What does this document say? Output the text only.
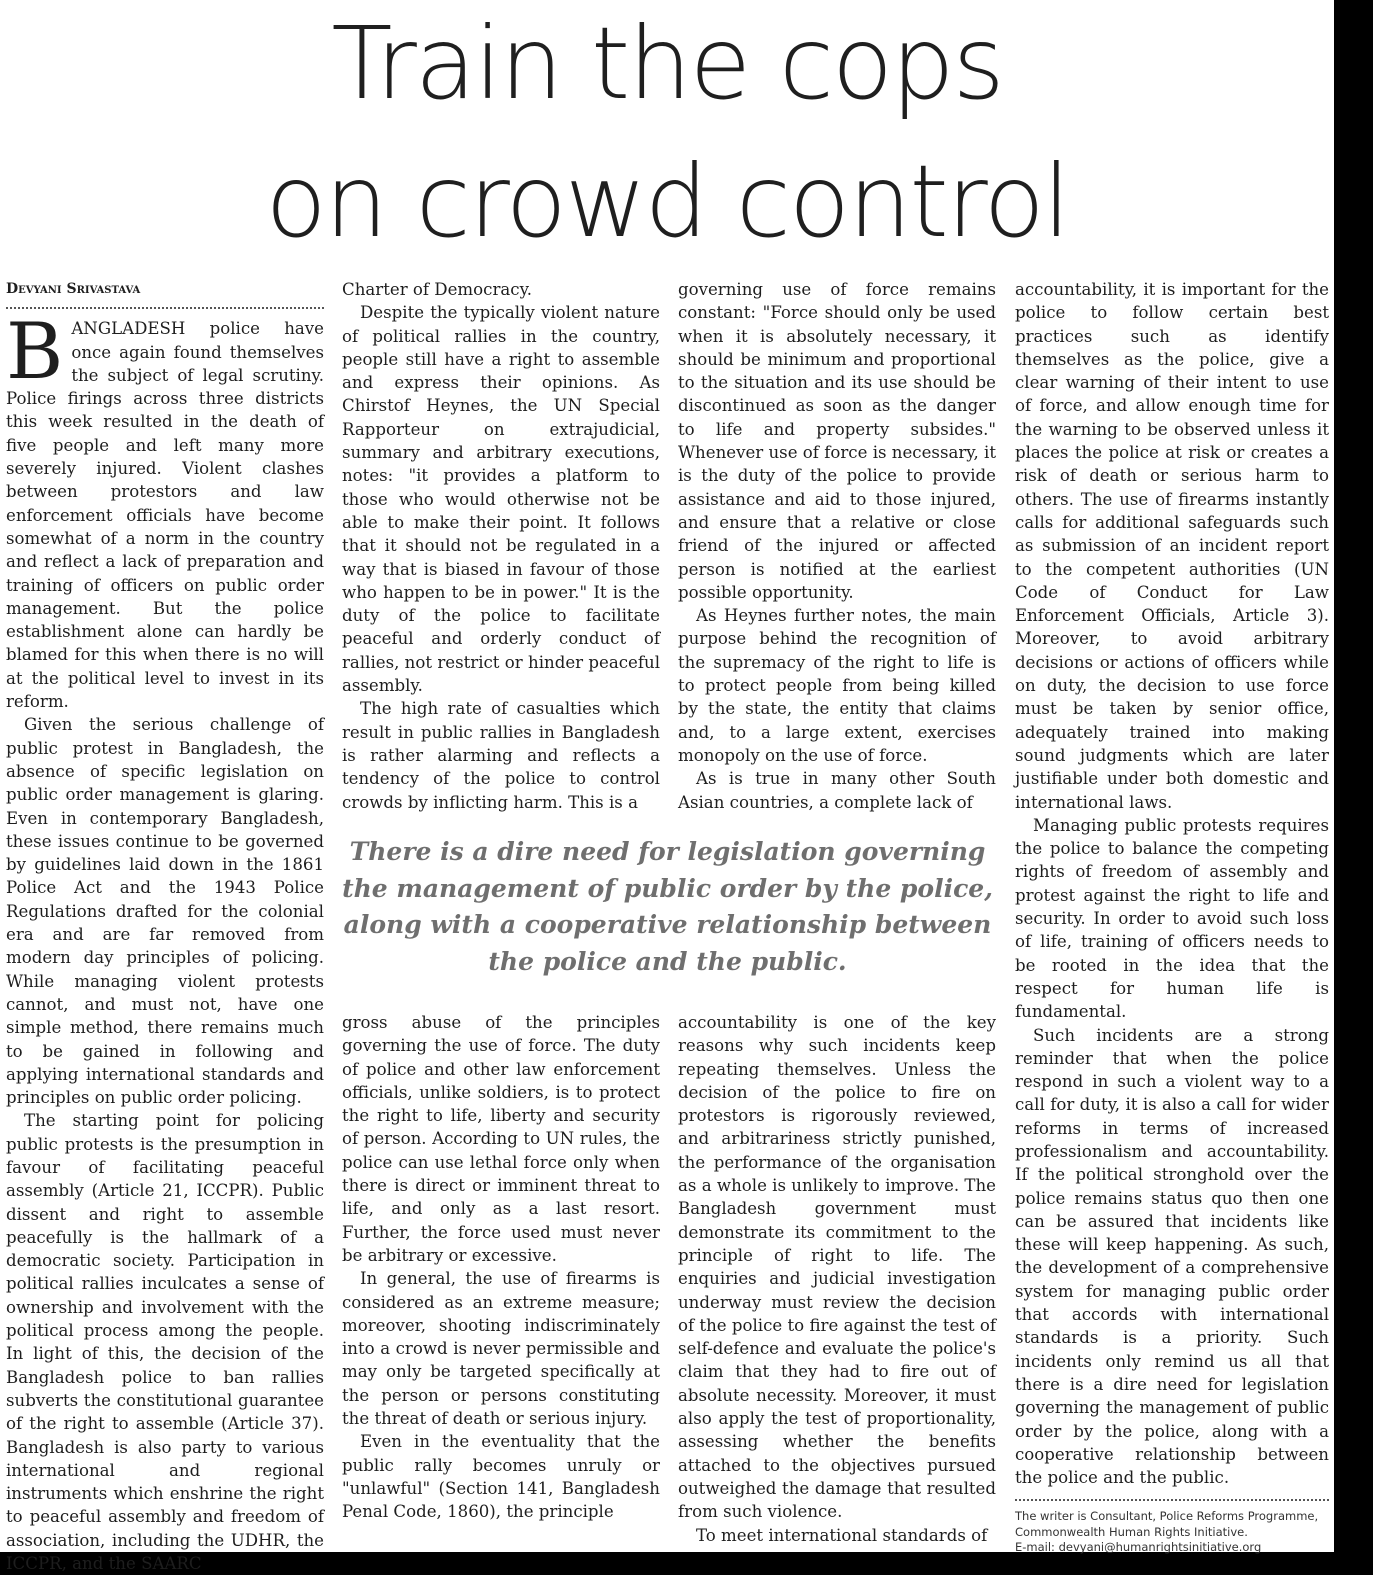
Train the cops
on crowd control
Devyani Srivastava

BANGLADESH police have once again found themselves the subject of legal scrutiny. Police firings across three districts this week resulted in the death of five people and left many more severely injured. Violent clashes between protestors and law enforcement officials have become somewhat of a norm in the country and reflect a lack of preparation and training of officers on public order management. But the police establishment alone can hardly be blamed for this when there is no will at the political level to invest in its reform.

Given the serious challenge of public protest in Bangladesh, the absence of specific legislation on public order management is glaring. Even in contemporary Bangladesh, these issues continue to be governed by guidelines laid down in the 1861 Police Act and the 1943 Police Regulations drafted for the colonial era and are far removed from modern day principles of policing. While managing violent protests cannot, and must not, have one simple method, there remains much to be gained in following and applying international standards and principles on public order policing.

The starting point for policing public protests is the presumption in favour of facilitating peaceful assembly (Article 21, ICCPR). Public dissent and right to assemble peacefully is the hallmark of a democratic society. Participation in political rallies inculcates a sense of ownership and involvement with the political process among the people. In light of this, the decision of the Bangladesh police to ban rallies subverts the constitutional guarantee of the right to assemble (Article 37). Bangladesh is also party to various international and regional instruments which enshrine the right to peaceful assembly and freedom of association, including the UDHR, the ICCPR, and the SAARC

Charter of Democracy.

Despite the typically violent nature of political rallies in the country, people still have a right to assemble and express their opinions. As Chirstof Heynes, the UN Special Rapporteur on extrajudicial, summary and arbitrary executions, notes: "it provides a platform to those who would otherwise not be able to make their point. It follows that it should not be regulated in a way that is biased in favour of those who happen to be in power." It is the duty of the police to facilitate peaceful and orderly conduct of rallies, not restrict or hinder peaceful assembly.

The high rate of casualties which result in public rallies in Bangladesh is rather alarming and reflects a tendency of the police to control crowds by inflicting harm. This is a

governing use of force remains constant: "Force should only be used when it is absolutely necessary, it should be minimum and proportional to the situation and its use should be discontinued as soon as the danger to life and property subsides." Whenever use of force is necessary, it is the duty of the police to provide assistance and aid to those injured, and ensure that a relative or close friend of the injured or affected person is notified at the earliest possible opportunity.

As Heynes further notes, the main purpose behind the recognition of the supremacy of the right to life is to protect people from being killed by the state, the entity that claims and, to a large extent, exercises monopoly on the use of force.

As is true in many other South Asian countries, a complete lack of

There is a dire need for legislation governing the management of public order by the police, along with a cooperative relationship between the police and the public.

gross abuse of the principles governing the use of force. The duty of police and other law enforcement officials, unlike soldiers, is to protect the right to life, liberty and security of person. According to UN rules, the police can use lethal force only when there is direct or imminent threat to life, and only as a last resort. Further, the force used must never be arbitrary or excessive.

In general, the use of firearms is considered as an extreme measure; moreover, shooting indiscriminately into a crowd is never permissible and may only be targeted specifically at the person or persons constituting the threat of death or serious injury.

Even in the eventuality that the public rally becomes unruly or "unlawful" (Section 141, Bangladesh Penal Code, 1860), the principle

accountability is one of the key reasons why such incidents keep repeating themselves. Unless the decision of the police to fire on protestors is rigorously reviewed, and arbitrariness strictly punished, the performance of the organisation as a whole is unlikely to improve. The Bangladesh government must demonstrate its commitment to the principle of right to life. The enquiries and judicial investigation underway must review the decision of the police to fire against the test of self-defence and evaluate the police's claim that they had to fire out of absolute necessity. Moreover, it must also apply the test of proportionality, assessing whether the benefits attached to the objectives pursued outweighed the damage that resulted from such violence.

To meet international standards of

accountability, it is important for the police to follow certain best practices such as identify themselves as the police, give a clear warning of their intent to use of force, and allow enough time for the warning to be observed unless it places the police at risk or creates a risk of death or serious harm to others. The use of firearms instantly calls for additional safeguards such as submission of an incident report to the competent authorities (UN Code of Conduct for Law Enforcement Officials, Article 3). Moreover, to avoid arbitrary decisions or actions of officers while on duty, the decision to use force must be taken by senior office, adequately trained into making sound judgments which are later justifiable under both domestic and international laws.

Managing public protests requires the police to balance the competing rights of freedom of assembly and protest against the right to life and security. In order to avoid such loss of life, training of officers needs to be rooted in the idea that the respect for human life is fundamental.

Such incidents are a strong reminder that when the police respond in such a violent way to a call for duty, it is also a call for wider reforms in terms of increased professionalism and accountability. If the political stronghold over the police remains status quo then one can be assured that incidents like these will keep happening. As such, the development of a comprehensive system for managing public order that accords with international standards is a priority. Such incidents only remind us all that there is a dire need for legislation governing the management of public order by the police, along with a cooperative relationship between the police and the public.

The writer is Consultant, Police Reforms Programme, Commonwealth Human Rights Initiative.
E-mail: devyani@humanrightsinitiative.org
